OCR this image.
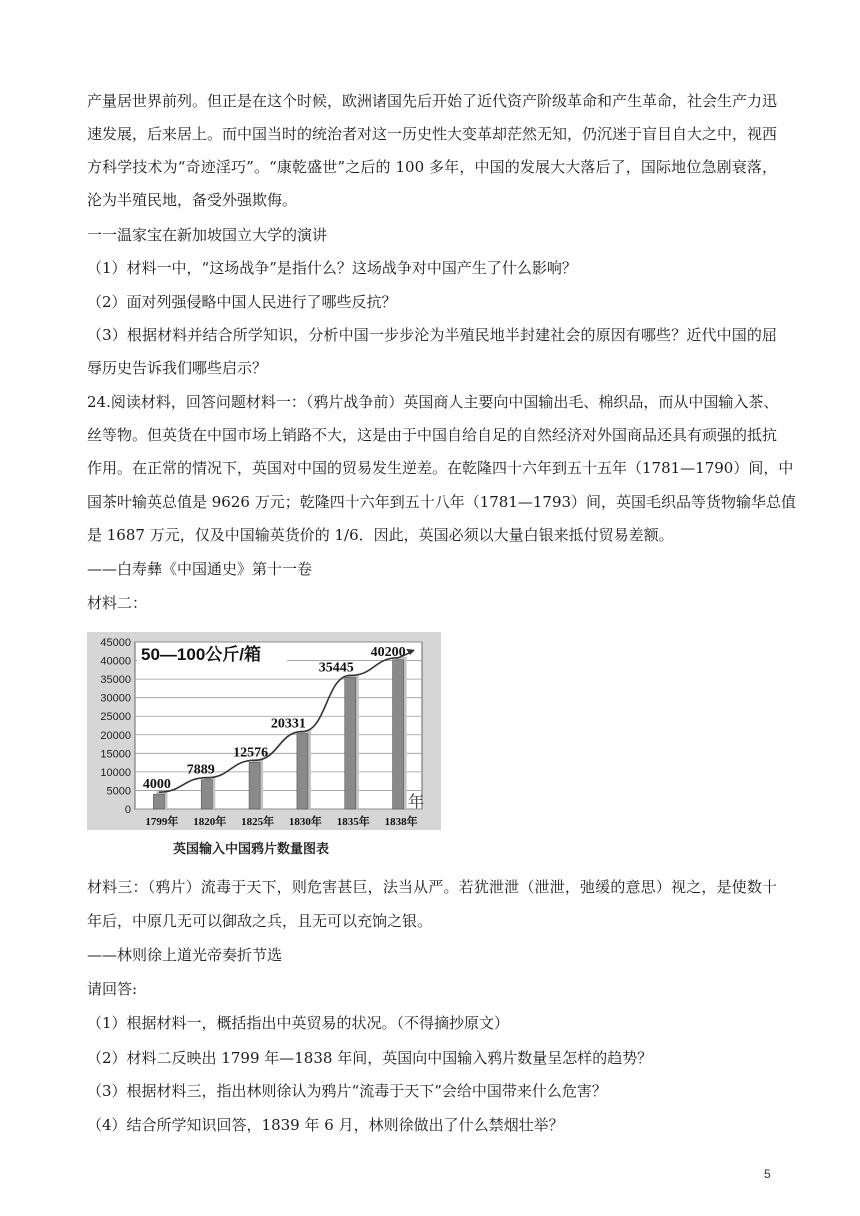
产量居世界前列。但正是在这个时候，欧洲诸国先后开始了近代资产阶级革命和产生革命，社会生产力迅
速发展，后来居上。而中国当时的统治者对这一历史性大变革却茫然无知，仍沉迷于盲目自大之中，视西
方科学技术为“奇迹淫巧”。“康乾盛世”之后的 100 多年，中国的发展大大落后了，国际地位急剧衰落，
沦为半殖民地，备受外强欺侮。
一一温家宝在新加坡国立大学的演讲
（1）材料一中，“这场战争”是指什么？这场战争对中国产生了什么影响？
（2）面对列强侵略中国人民进行了哪些反抗？
（3）根据材料并结合所学知识，分析中国一步步沦为半殖民地半封建社会的原因有哪些？近代中国的屈
辱历史告诉我们哪些启示？
24.阅读材料，回答问题材料一：（鸦片战争前）英国商人主要向中国输出毛、棉织品，而从中国输入茶、
丝等物。但英货在中国市场上销路不大，这是由于中国自给自足的自然经济对外国商品还具有顽强的抵抗
作用。在正常的情况下，英国对中国的贸易发生逆差。在乾隆四十六年到五十五年（1781—1790）间，中
国茶叶输英总值是 9626 万元；乾隆四十六年到五十八年（1781—1793）间，英国毛织品等货物输华总值
是 1687 万元，仅及中国输英货价的 1/6．因此，英国必须以大量白银来抵付贸易差额。
——白寿彝《中国通史》第十一卷
材料二：
0
5000
10000
15000
20000
25000
30000
35000
40000
45000
1799年 1820年 1825年 1830年 1835年 1838年
4000
7889
12576
20331
35445
40200
50—100公斤/箱
年
英国输入中国鸦片数量图表
材料三：（鸦片）流毒于天下，则危害甚巨，法当从严。若犹泄泄（泄泄，弛缓的意思）视之，是使数十
年后，中原几无可以御敌之兵，且无可以充饷之银。
——林则徐上道光帝奏折节选
请回答:
（1）根据材料一，概括指出中英贸易的状况。（不得摘抄原文）
（2）材料二反映出 1799 年—1838 年间，英国向中国输入鸦片数量呈怎样的趋势？
（3）根据材料三，指出林则徐认为鸦片“流毒于天下”会给中国带来什么危害？
（4）结合所学知识回答，1839 年 6 月，林则徐做出了什么禁烟壮举？
5
